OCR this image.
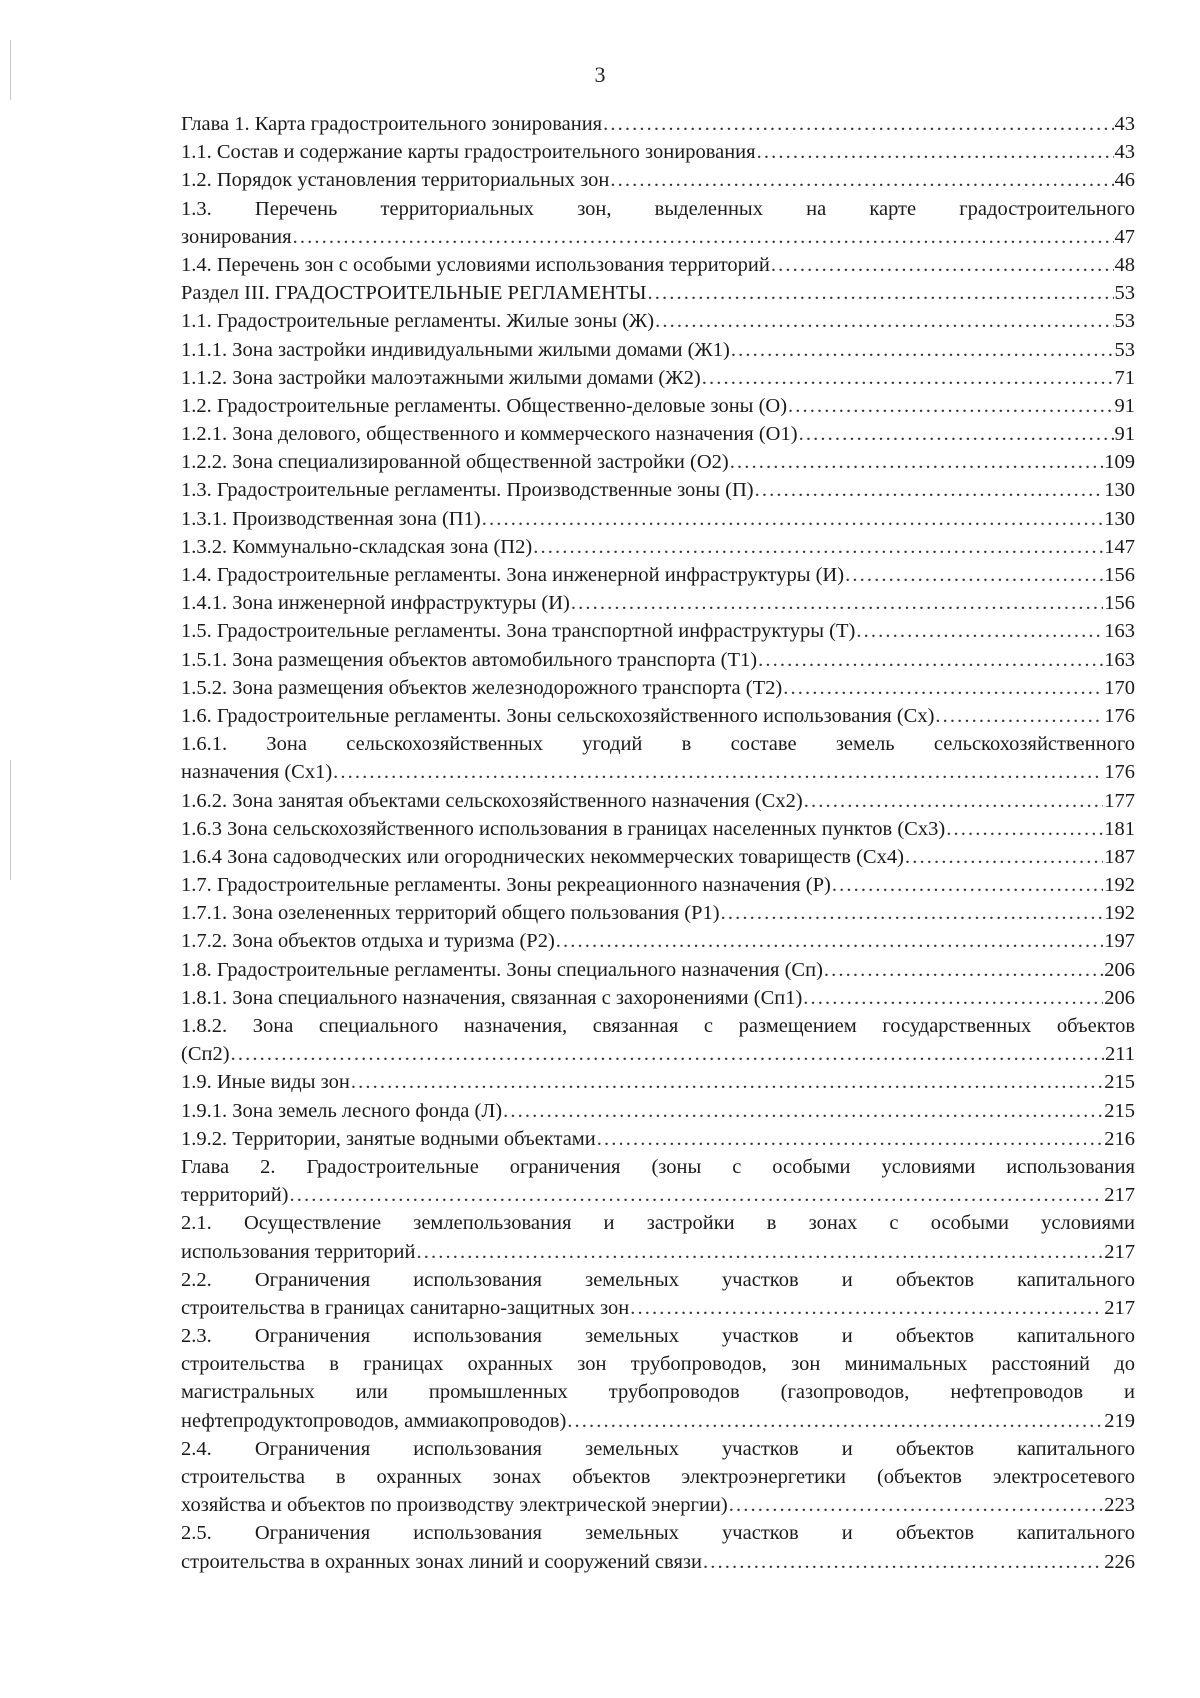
3
Глава 1. Карта градостроительного зонирования . . .	43
1.1. Состав и содержание карты градостроительного зонирования . . .	43
1.2. Порядок установления территориальных зон . . .	46
1.3. Перечень территориальных зон, выделенных на карте градостроительного
зонирования . . .	47
1.4. Перечень зон с особыми условиями использования территорий . . .	48
Раздел III. ГРАДОСТРОИТЕЛЬНЫЕ РЕГЛАМЕНТЫ . . .	53
1.1. Градостроительные регламенты. Жилые зоны (Ж) . . .	53
1.1.1. Зона застройки индивидуальными жилыми домами (Ж1) . . .	53
1.1.2. Зона застройки малоэтажными жилыми домами (Ж2) . . .	71
1.2. Градостроительные регламенты. Общественно-деловые зоны (О) . . .	91
1.2.1. Зона делового, общественного и коммерческого назначения (О1) . . .	91
1.2.2. Зона специализированной общественной застройки (О2) . . .	109
1.3. Градостроительные регламенты. Производственные зоны (П) . . .	130
1.3.1. Производственная зона (П1) . . .	130
1.3.2. Коммунально-складская зона (П2) . . .	147
1.4. Градостроительные регламенты. Зона инженерной инфраструктуры (И) . . .	156
1.4.1. Зона инженерной инфраструктуры (И) . . .	156
1.5. Градостроительные регламенты. Зона транспортной инфраструктуры (Т) . . .	163
1.5.1. Зона размещения объектов автомобильного транспорта (Т1) . . .	163
1.5.2. Зона размещения объектов железнодорожного транспорта (Т2) . . .	170
1.6. Градостроительные регламенты. Зоны сельскохозяйственного использования (Сх) . . .	176
1.6.1. Зона сельскохозяйственных угодий в составе земель сельскохозяйственного
назначения (Сх1) . . .	176
1.6.2. Зона занятая объектами сельскохозяйственного назначения (Сх2) . . .	177
1.6.3 Зона сельскохозяйственного использования в границах населенных пунктов (Сх3) . . .	181
1.6.4 Зона садоводческих или огороднических некоммерческих товариществ (Сх4) . . .	187
1.7. Градостроительные регламенты. Зоны рекреационного назначения (Р) . . .	192
1.7.1. Зона озелененных территорий общего пользования (Р1) . . .	192
1.7.2. Зона объектов отдыха и туризма (Р2) . . .	197
1.8. Градостроительные регламенты. Зоны специального назначения (Сп) . . .	206
1.8.1. Зона специального назначения, связанная с захоронениями (Сп1) . . .	206
1.8.2. Зона специального назначения, связанная с размещением государственных объектов
(Сп2) . . .	211
1.9. Иные виды зон . . .	215
1.9.1. Зона земель лесного фонда (Л) . . .	215
1.9.2. Территории, занятые водными объектами . . .	216
Глава 2. Градостроительные ограничения (зоны с особыми условиями использования
территорий) . . .	217
2.1. Осуществление землепользования и застройки в зонах с особыми условиями
использования территорий . . .	217
2.2. Ограничения использования земельных участков и объектов капитального
строительства в границах санитарно-защитных зон . . .	217
2.3. Ограничения использования земельных участков и объектов капитального
строительства в границах охранных зон трубопроводов, зон минимальных расстояний до
магистральных или промышленных трубопроводов (газопроводов, нефтепроводов и
нефтепродуктопроводов, аммиакопроводов) . . .	219
2.4. Ограничения использования земельных участков и объектов капитального
строительства в охранных зонах объектов электроэнергетики (объектов электросетевого
хозяйства и объектов по производству электрической энергии) . . .	223
2.5. Ограничения использования земельных участков и объектов капитального
строительства в охранных зонах линий и сооружений связи . . .	226
